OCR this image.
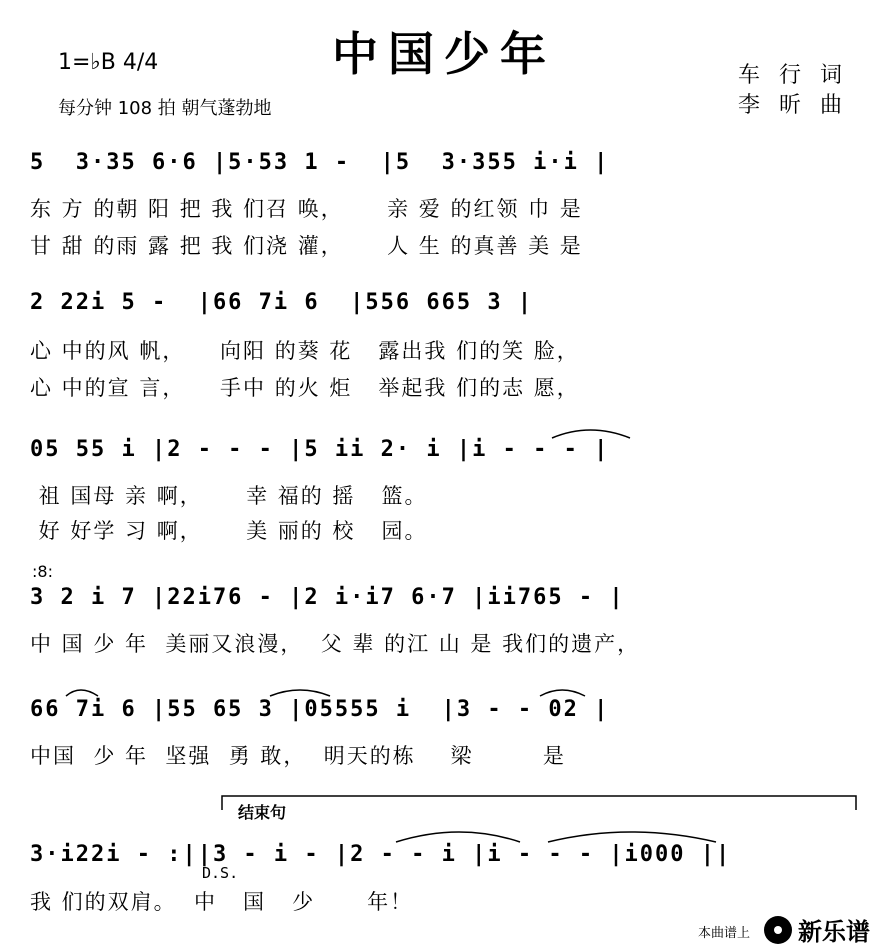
中国少年
1=♭B 4/4
每分钟 108 拍 朝气蓬勃地
车 行 词
李 昕 曲
5  3·35 6·6 |5·53 1 -  |5  3·355 i·i |
东 方 的朝 阳 把 我 们召 唤，     亲 爱 的红领 巾 是
甘 甜 的雨 露 把 我 们浇 灌，     人 生 的真善 美 是
2 22i 5 -  |66 7i 6  |556 665 3 |
心 中的风 帆，    向阳 的葵 花   露出我 们的笑 脸，
心 中的宣 言，    手中 的火 炬   举起我 们的志 愿，
05 55 i |2 - - - |5 ii 2· i |i - - - |
祖 国母 亲 啊，     幸 福的 摇   篮。
好 好学 习 啊，     美 丽的 校   园。
:8:
3 2 i 7 |22i76 - |2 i·i7 6·7 |ii765 - |
中 国 少 年  美丽又浪漫，  父 辈 的江 山 是 我们的遗产，
66 7i 6 |55 65 3 |05555 i  |3 - - 02 |
中国  少 年  坚强  勇 敢，  明天的栋    梁        是
结束句
3·i22i - :||3 - i - |2 - - i |i - - - |i000 ||
D.S.
我 们的双肩。  中   国   少      年！
本曲谱上 新乐谱
